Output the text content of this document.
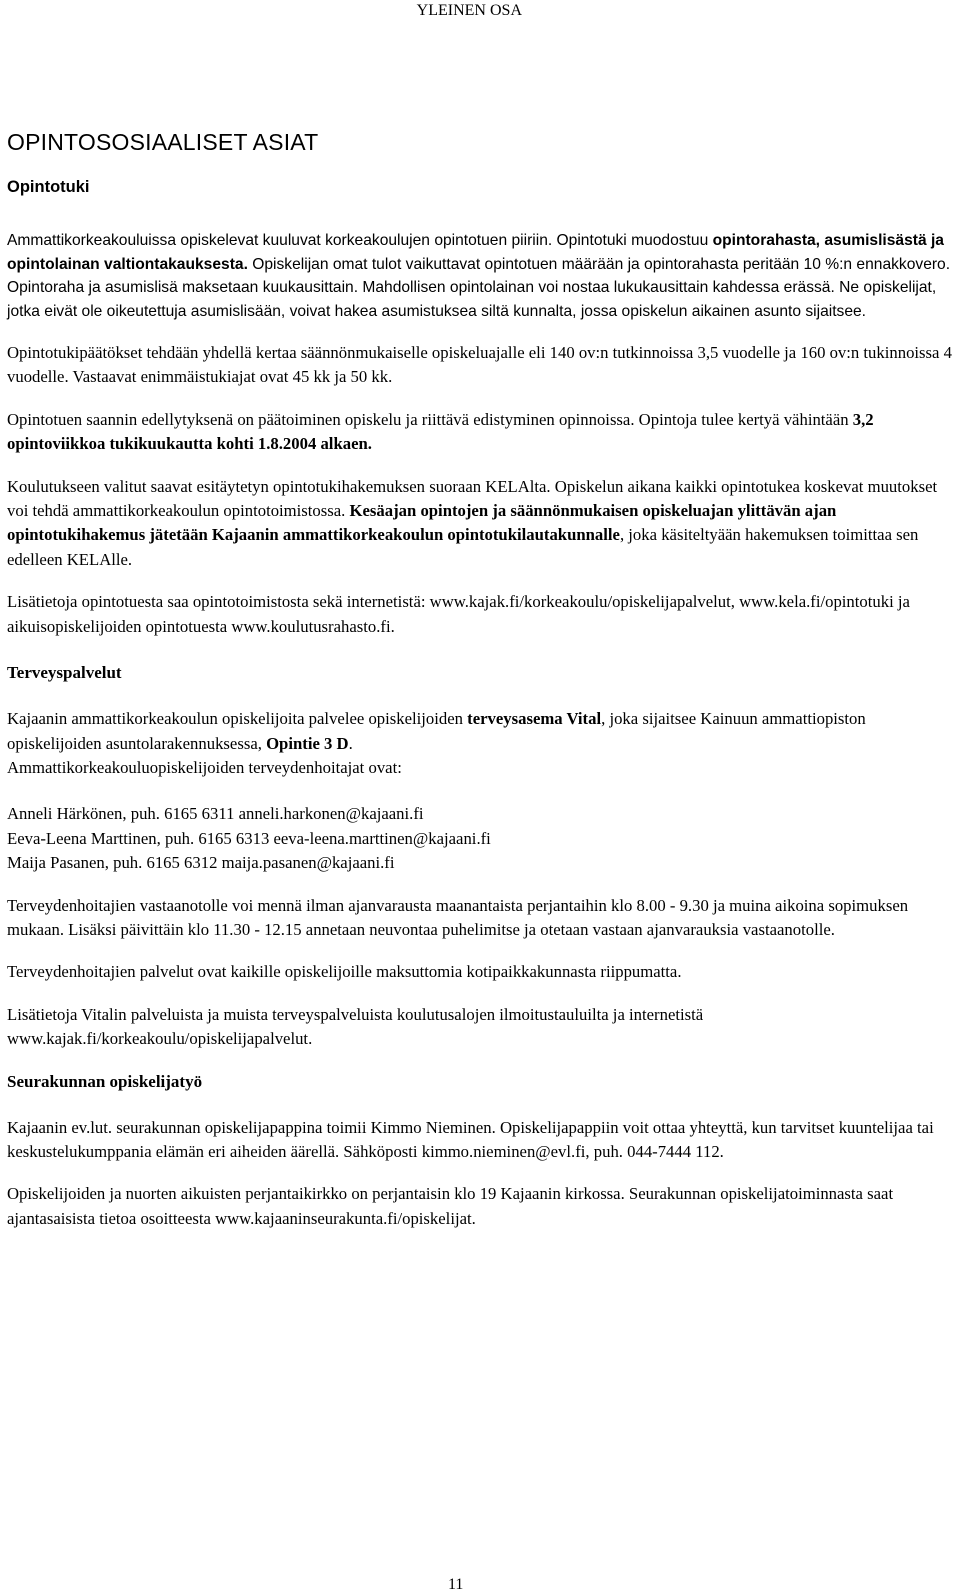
YLEINEN OSA
OPINTOSOSIAALISET ASIAT
Opintotuki

Ammattikorkeakouluissa opiskelevat kuuluvat korkeakoulujen opintotuen piiriin. Opintotuki muodostuu opintorahasta, asumislisästä ja opintolainan valtiontakauksesta. Opiskelijan omat tulot vaikuttavat opintotuen määrään ja opintorahasta peritään 10 %:n ennakkovero. Opintoraha ja asumislisä maksetaan kuukausittain. Mahdollisen opintolainan voi nostaa lukukausittain kahdessa erässä. Ne opiskelijat, jotka eivät ole oikeutettuja asumislisään, voivat hakea asumistuksea siltä kunnalta, jossa opiskelun aikainen asunto sijaitsee.

Opintotukipäätökset tehdään yhdellä kertaa säännönmukaiselle opiskeluajalle eli 140 ov:n tutkinnoissa 3,5 vuodelle ja 160 ov:n tukinnoissa 4 vuodelle. Vastaavat enimmäistukiajat ovat 45 kk ja 50 kk.

Opintotuen saannin edellytyksenä on päätoiminen opiskelu ja riittävä edistyminen opinnoissa. Opintoja tulee kertyä vähintään 3,2 opintoviikkoa tukikuukautta kohti 1.8.2004 alkaen.

Koulutukseen valitut saavat esitäytetyn opintotukihakemuksen suoraan KELAlta. Opiskelun aikana kaikki opintotukea koskevat muutokset voi tehdä ammattikorkeakoulun opintotoimistossa. Kesäajan opintojen ja säännönmukaisen opiskeluajan ylittävän ajan opintotukihakemus jätetään Kajaanin ammattikorkeakoulun opintotukilautakunnalle, joka käsiteltyään hakemuksen toimittaa sen edelleen KELAlle.

Lisätietoja opintotuesta saa opintotoimistosta sekä internetistä: www.kajak.fi/korkeakoulu/opiskelijapalvelut, www.kela.fi/opintotuki ja aikuisopiskelijoiden opintotuesta www.koulutusrahasto.fi.

Terveyspalvelut

Kajaanin ammattikorkeakoulun opiskelijoita palvelee opiskelijoiden terveysasema Vital, joka sijaitsee Kainuun ammattiopiston opiskelijoiden asuntolarakennuksessa, Opintie 3 D.

Ammattikorkeakouluopiskelijoiden terveydenhoitajat ovat:

Anneli Härkönen, puh. 6165 6311 anneli.harkonen@kajaani.fi

Eeva-Leena Marttinen, puh. 6165 6313 eeva-leena.marttinen@kajaani.fi

Maija Pasanen, puh. 6165 6312 maija.pasanen@kajaani.fi

Terveydenhoitajien vastaanotolle voi mennä ilman ajanvarausta maanantaista perjantaihin klo 8.00 - 9.30 ja muina aikoina sopimuksen mukaan. Lisäksi päivittäin klo 11.30 - 12.15 annetaan neuvontaa puhelimitse ja otetaan vastaan ajanvarauksia vastaanotolle.

Terveydenhoitajien palvelut ovat kaikille opiskelijoille maksuttomia kotipaikkakunnasta riippumatta.

Lisätietoja Vitalin palveluista ja muista terveyspalveluista koulutusalojen ilmoitustauluilta ja internetistä www.kajak.fi/korkeakoulu/opiskelijapalvelut.

Seurakunnan opiskelijatyö

Kajaanin ev.lut. seurakunnan opiskelijapappina toimii Kimmo Nieminen. Opiskelijapappiin voit ottaa yhteyttä, kun tarvitset kuuntelijaa tai keskustelukumppania elämän eri aiheiden äärellä. Sähköposti kimmo.nieminen@evl.fi, puh. 044-7444 112.

Opiskelijoiden ja nuorten aikuisten perjantaikirkko on perjantaisin klo 19 Kajaanin kirkossa. Seurakunnan opiskelijatoiminnasta saat ajantasaisista tietoa osoitteesta www.kajaaninseurakunta.fi/opiskelijat.

11
